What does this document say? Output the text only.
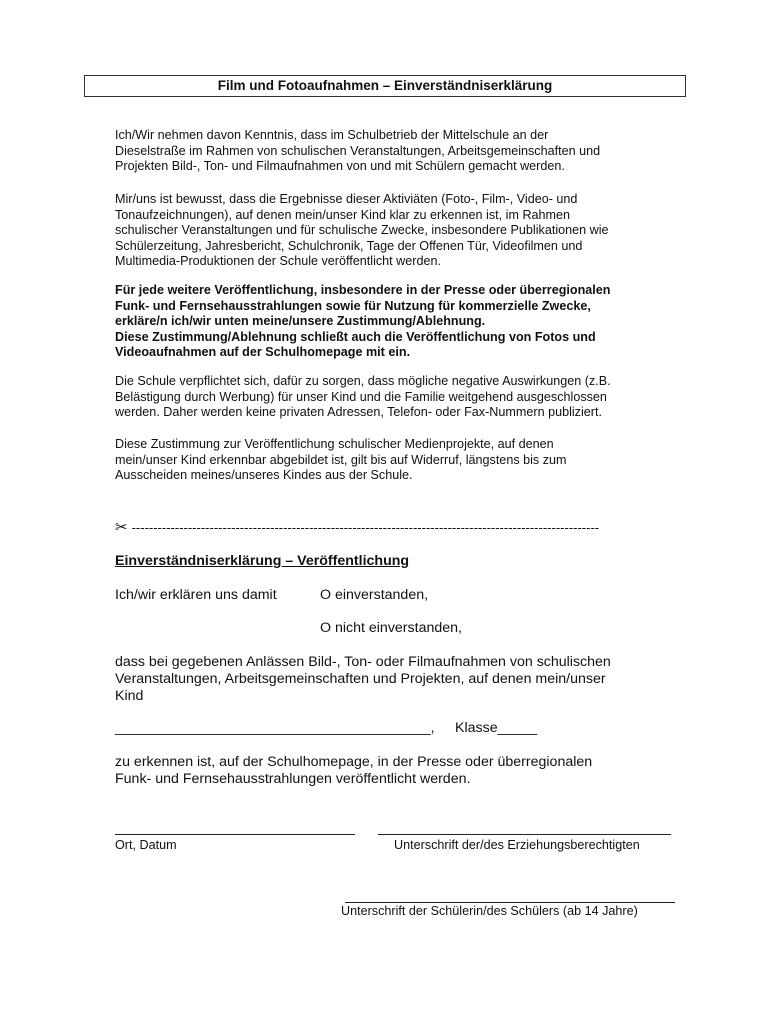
Film und Fotoaufnahmen – Einverständniserklärung

Ich/Wir nehmen davon Kenntnis, dass im Schulbetrieb der Mittelschule an der
Dieselstraße im Rahmen von schulischen Veranstaltungen, Arbeitsgemeinschaften und
Projekten Bild-, Ton- und Filmaufnahmen von und mit Schülern gemacht werden.

Mir/uns ist bewusst, dass die Ergebnisse dieser Aktiviäten (Foto-, Film-, Video- und
Tonaufzeichnungen), auf denen mein/unser Kind klar zu erkennen ist, im Rahmen
schulischer Veranstaltungen und für schulische Zwecke, insbesondere Publikationen wie
Schülerzeitung, Jahresbericht, Schulchronik, Tage der Offenen Tür, Videofilmen und
Multimedia-Produktionen der Schule veröffentlicht werden.

Für jede weitere Veröffentlichung, insbesondere in der Presse oder überregionalen
Funk- und Fernsehausstrahlungen sowie für Nutzung für kommerzielle Zwecke,
erkläre/n ich/wir unten meine/unsere Zustimmung/Ablehnung.
Diese Zustimmung/Ablehnung schließt auch die Veröffentlichung von Fotos und
Videoaufnahmen auf der Schulhomepage mit ein.

Die Schule verpflichtet sich, dafür zu sorgen, dass mögliche negative Auswirkungen (z.B.
Belästigung durch Werbung) für unser Kind und die Familie weitgehend ausgeschlossen
werden. Daher werden keine privaten Adressen, Telefon- oder Fax-Nummern publiziert.

Diese Zustimmung zur Veröffentlichung schulischer Medienprojekte, auf denen
mein/unser Kind erkennbar abgebildet ist, gilt bis auf Widerruf, längstens bis zum
Ausscheiden meines/unseres Kindes aus der Schule.

✂ ------------------------------------------------------------------------------------------------------------
Einverständniserklärung – Veröffentlichung
Ich/wir erklären uns damit	O einverstanden,
O nicht einverstanden,
dass bei gegebenen Anlässen Bild-, Ton- oder Filmaufnahmen von schulischen
Veranstaltungen, Arbeitsgemeinschaften und Projekten, auf denen mein/unser
Kind
________________________________________, Klasse_____
zu erkennen ist, auf der Schulhomepage, in der Presse oder überregionalen
Funk- und Fernsehausstrahlungen veröffentlicht werden.
Ort, Datum	Unterschrift der/des Erziehungsberechtigten
Unterschrift der Schülerin/des Schülers (ab 14 Jahre)
